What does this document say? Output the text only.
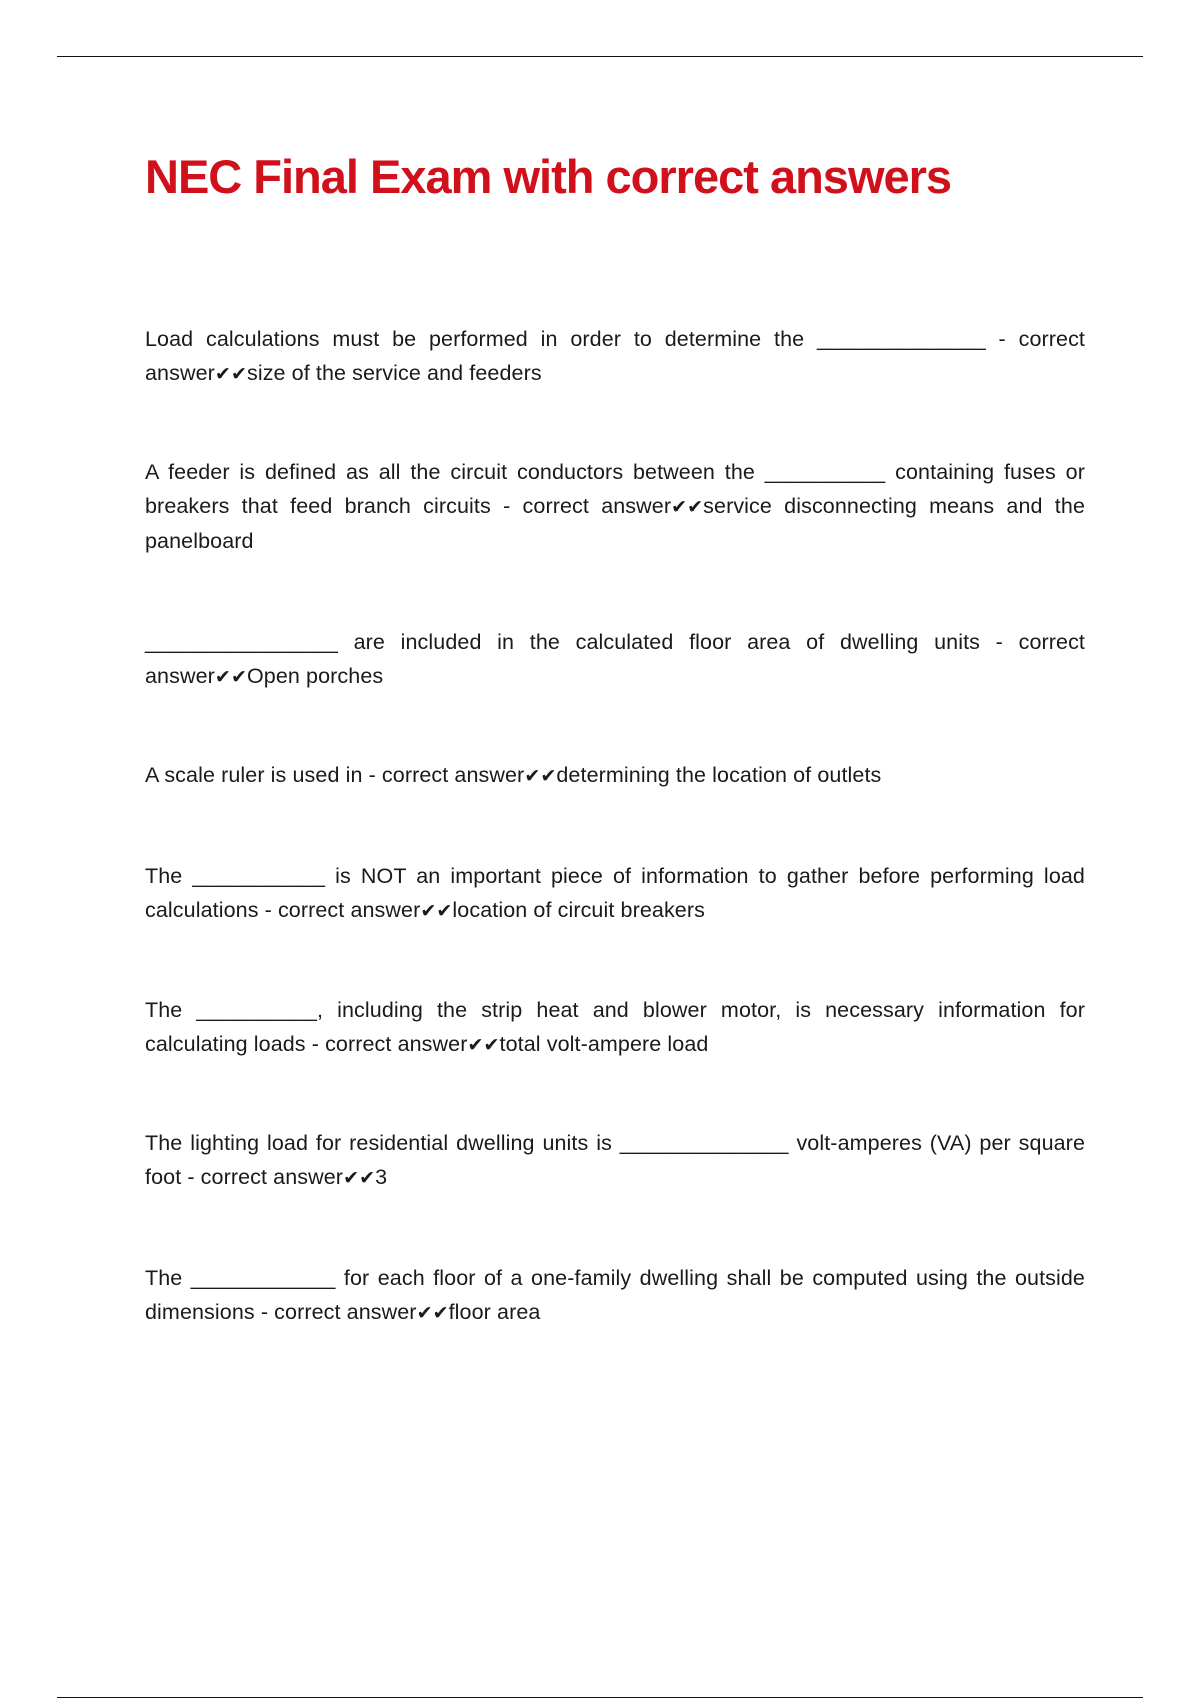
NEC Final Exam with correct answers

Load calculations must be performed in order to determine the ______________ - correct answer✔✔size of the service and feeders

A feeder is defined as all the circuit conductors between the __________ containing fuses or breakers that feed branch circuits - correct answer✔✔service disconnecting means and the panelboard

________________ are included in the calculated floor area of dwelling units - correct answer✔✔Open porches

A scale ruler is used in - correct answer✔✔determining the location of outlets

The ___________ is NOT an important piece of information to gather before performing load calculations - correct answer✔✔location of circuit breakers

The __________, including the strip heat and blower motor, is necessary information for calculating loads - correct answer✔✔total volt-ampere load

The lighting load for residential dwelling units is ______________ volt-amperes (VA) per square foot - correct answer✔✔3

The ____________ for each floor of a one-family dwelling shall be computed using the outside dimensions - correct answer✔✔floor area
